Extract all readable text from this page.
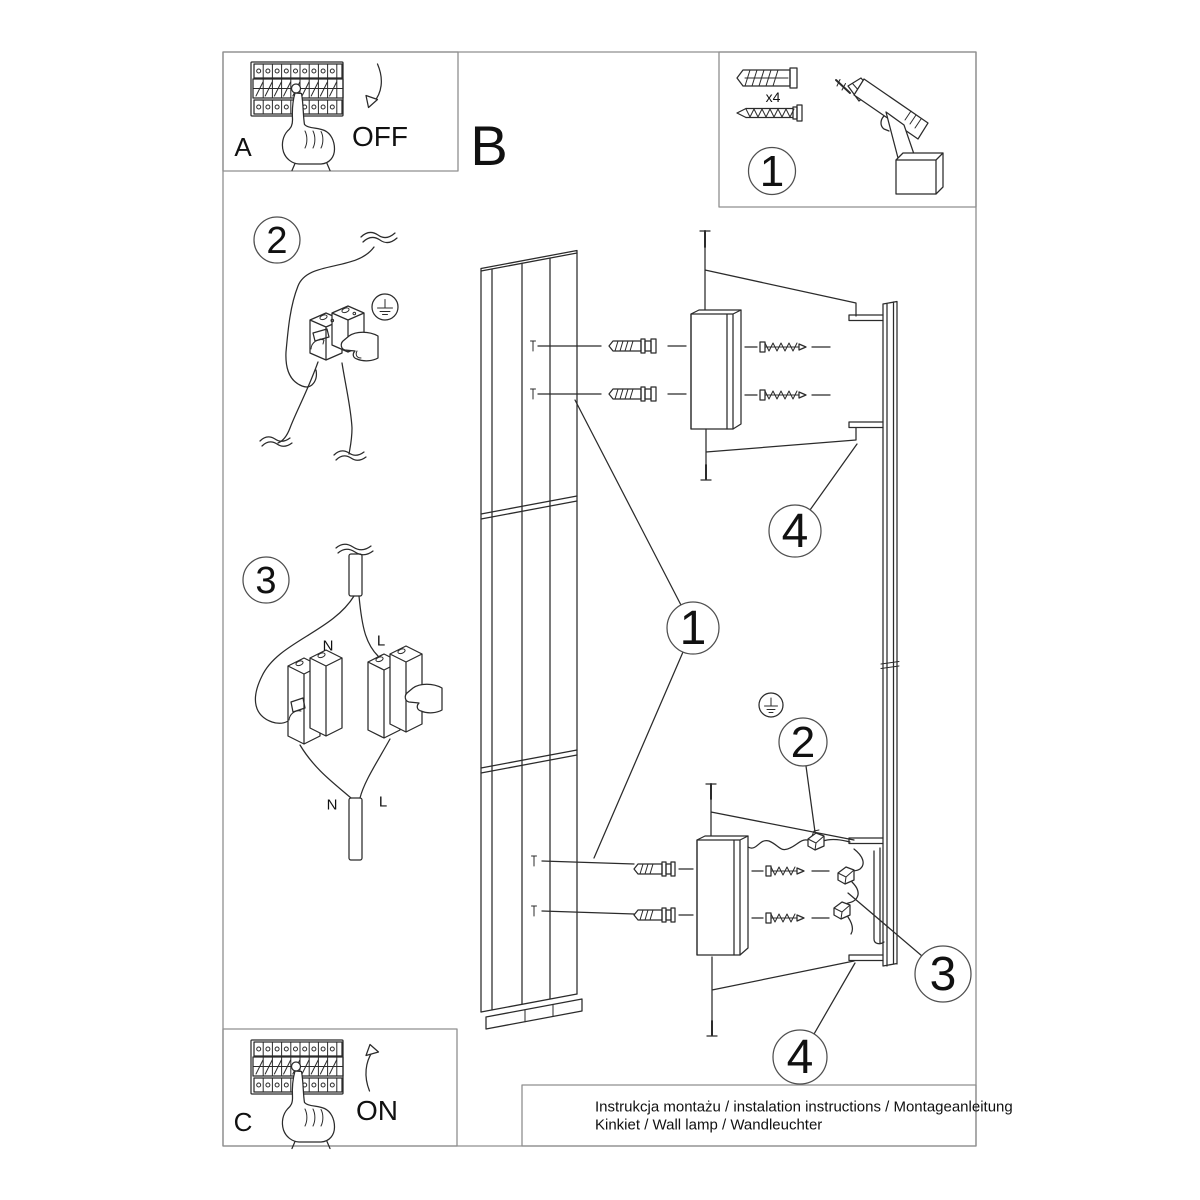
A	OFF B
x4
1
2
3
N	L
N	L
C	ON
1
2
3
4
4
Instrukcja montażu / instalation instructions / Montageanleitung
Kinkiet / Wall lamp / Wandleuchter
